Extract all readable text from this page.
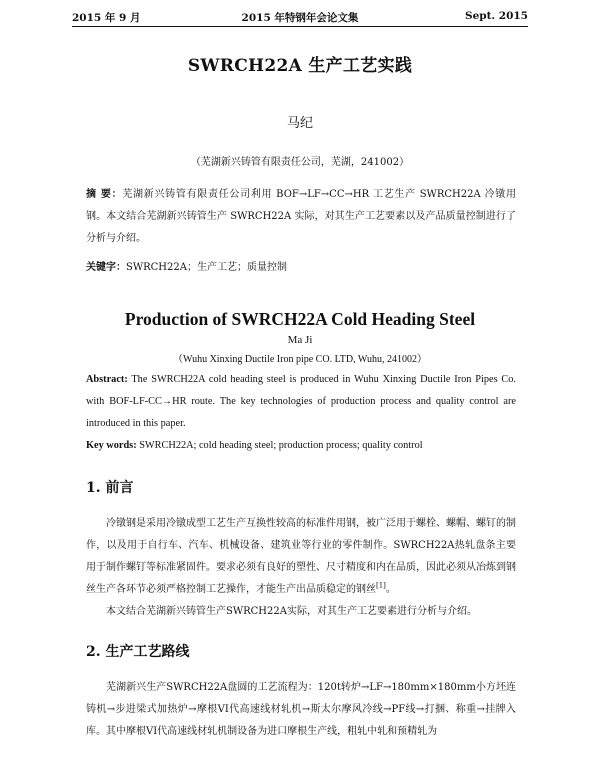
2015 年 9 月	2015 年特钢年会论文集	Sept. 2015
SWRCH22A 生产工艺实践
马纪
（芜湖新兴铸管有限责任公司，芜湖，241002）
摘 要：芜湖新兴铸管有限责任公司利用 BOF→LF→CC→HR 工艺生产 SWRCH22A 冷镦用钢。本文结合芜湖新兴铸管生产 SWRCH22A 实际，对其生产工艺要素以及产品质量控制进行了分析与介绍。
关键字：SWRCH22A；生产工艺；质量控制
Production of SWRCH22A Cold Heading Steel
Ma Ji
（Wuhu Xinxing Ductile Iron pipe CO. LTD, Wuhu, 241002）
Abstract: The SWRCH22A cold heading steel is produced in Wuhu Xinxing Ductile Iron Pipes Co. with BOF-LF-CC→HR route. The key technologies of production process and quality control are introduced in this paper.
Key words: SWRCH22A; cold heading steel; production process; quality control
1. 前言
冷镦钢是采用冷镦成型工艺生产互换性较高的标准件用钢，被广泛用于螺栓、螺帽、螺钉的制作，以及用于自行车、汽车、机械设备、建筑业等行业的零件制作。SWRCH22A热轧盘条主要用于制作螺钉等标准紧固件。要求必须有良好的塑性、尺寸精度和内在品质，因此必须从冶炼到钢丝生产各环节必须严格控制工艺操作，才能生产出品质稳定的钢丝[1]。
本文结合芜湖新兴铸管生产SWRCH22A实际，对其生产工艺要素进行分析与介绍。
2. 生产工艺路线
芜湖新兴生产SWRCH22A盘圆的工艺流程为：120t转炉→LF→180mm×180mm小方坯连铸机→步进梁式加热炉→摩根VI代高速线材轧机→斯太尔摩风冷线→PF线→打捆、称重→挂牌入库。其中摩根VI代高速线材轧机制设备为进口摩根生产线，粗轧中轧和预精轧为
